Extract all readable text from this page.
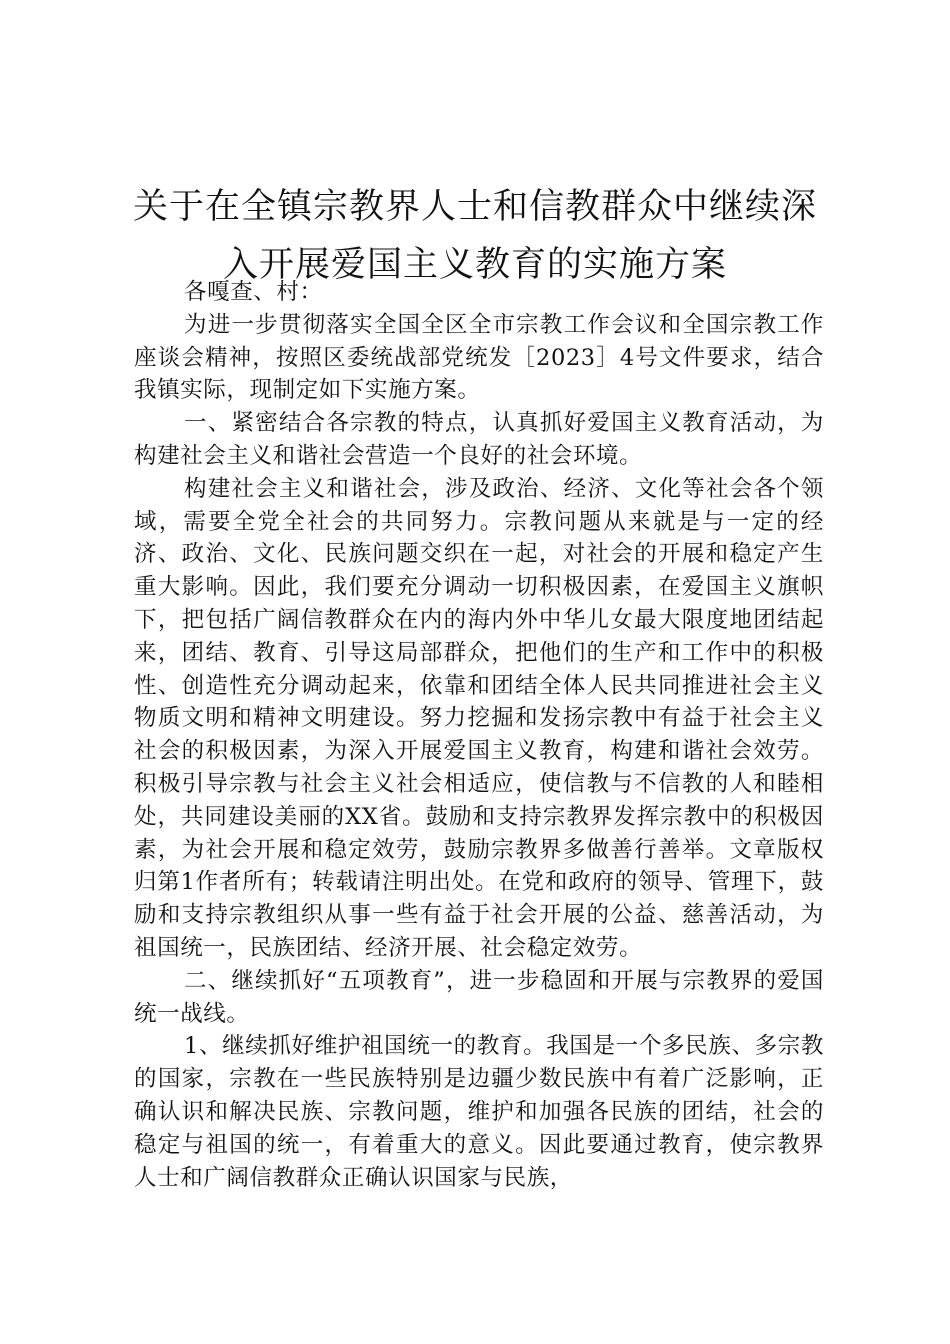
关于在全镇宗教界人士和信教群众中继续深
入开展爱国主义教育的实施方案

各嘎查、村：

为进一步贯彻落实全国全区全市宗教工作会议和全国宗教工作座谈会精神，按照区委统战部党统发［2023］4号文件要求，结合我镇实际，现制定如下实施方案。

一、紧密结合各宗教的特点，认真抓好爱国主义教育活动，为构建社会主义和谐社会营造一个良好的社会环境。

构建社会主义和谐社会，涉及政治、经济、文化等社会各个领域，需要全党全社会的共同努力。宗教问题从来就是与一定的经济、政治、文化、民族问题交织在一起，对社会的开展和稳定产生重大影响。因此，我们要充分调动一切积极因素，在爱国主义旗帜下，把包括广阔信教群众在内的海内外中华儿女最大限度地团结起来，团结、教育、引导这局部群众，把他们的生产和工作中的积极性、创造性充分调动起来，依靠和团结全体人民共同推进社会主义物质文明和精神文明建设。努力挖掘和发扬宗教中有益于社会主义社会的积极因素，为深入开展爱国主义教育，构建和谐社会效劳。积极引导宗教与社会主义社会相适应，使信教与不信教的人和睦相处，共同建设美丽的XX省。鼓励和支持宗教界发挥宗教中的积极因素，为社会开展和稳定效劳，鼓励宗教界多做善行善举。文章版权归第1作者所有；转载请注明出处。在党和政府的领导、管理下，鼓励和支持宗教组织从事一些有益于社会开展的公益、慈善活动，为祖国统一，民族团结、经济开展、社会稳定效劳。

二、继续抓好“五项教育”，进一步稳固和开展与宗教界的爱国统一战线。

1、继续抓好维护祖国统一的教育。我国是一个多民族、多宗教的国家，宗教在一些民族特别是边疆少数民族中有着广泛影响，正确认识和解决民族、宗教问题，维护和加强各民族的团结，社会的稳定与祖国的统一，有着重大的意义。因此要通过教育，使宗教界人士和广阔信教群众正确认识国家与民族，
